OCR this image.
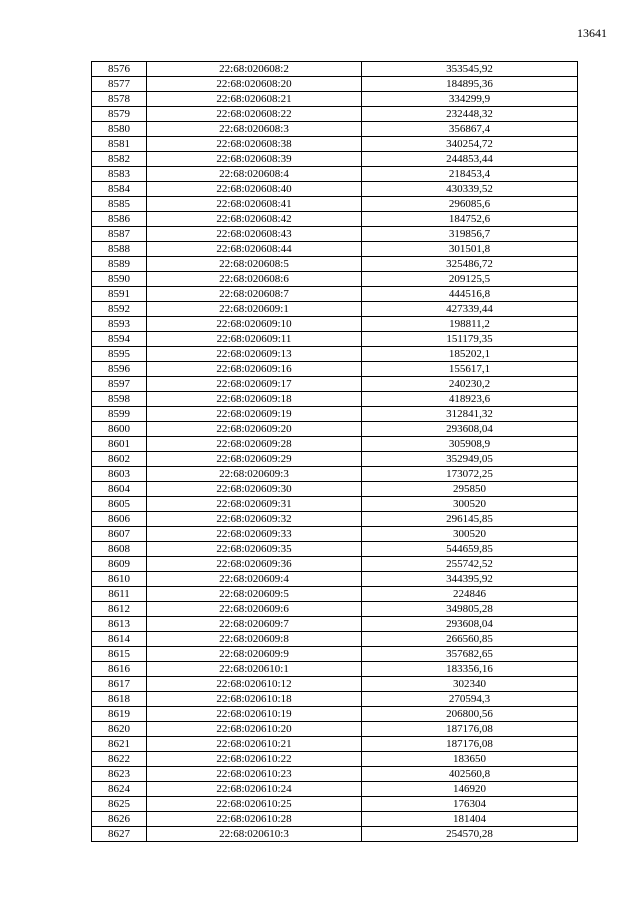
13641
8576	22:68:020608:2	353545,92
8577	22:68:020608:20	184895,36
8578	22:68:020608:21	334299,9
8579	22:68:020608:22	232448,32
8580	22:68:020608:3	356867,4
8581	22:68:020608:38	340254,72
8582	22:68:020608:39	244853,44
8583	22:68:020608:4	218453,4
8584	22:68:020608:40	430339,52
8585	22:68:020608:41	296085,6
8586	22:68:020608:42	184752,6
8587	22:68:020608:43	319856,7
8588	22:68:020608:44	301501,8
8589	22:68:020608:5	325486,72
8590	22:68:020608:6	209125,5
8591	22:68:020608:7	444516,8
8592	22:68:020609:1	427339,44
8593	22:68:020609:10	198811,2
8594	22:68:020609:11	151179,35
8595	22:68:020609:13	185202,1
8596	22:68:020609:16	155617,1
8597	22:68:020609:17	240230,2
8598	22:68:020609:18	418923,6
8599	22:68:020609:19	312841,32
8600	22:68:020609:20	293608,04
8601	22:68:020609:28	305908,9
8602	22:68:020609:29	352949,05
8603	22:68:020609:3	173072,25
8604	22:68:020609:30	295850
8605	22:68:020609:31	300520
8606	22:68:020609:32	296145,85
8607	22:68:020609:33	300520
8608	22:68:020609:35	544659,85
8609	22:68:020609:36	255742,52
8610	22:68:020609:4	344395,92
8611	22:68:020609:5	224846
8612	22:68:020609:6	349805,28
8613	22:68:020609:7	293608,04
8614	22:68:020609:8	266560,85
8615	22:68:020609:9	357682,65
8616	22:68:020610:1	183356,16
8617	22:68:020610:12	302340
8618	22:68:020610:18	270594,3
8619	22:68:020610:19	206800,56
8620	22:68:020610:20	187176,08
8621	22:68:020610:21	187176,08
8622	22:68:020610:22	183650
8623	22:68:020610:23	402560,8
8624	22:68:020610:24	146920
8625	22:68:020610:25	176304
8626	22:68:020610:28	181404
8627	22:68:020610:3	254570,28
